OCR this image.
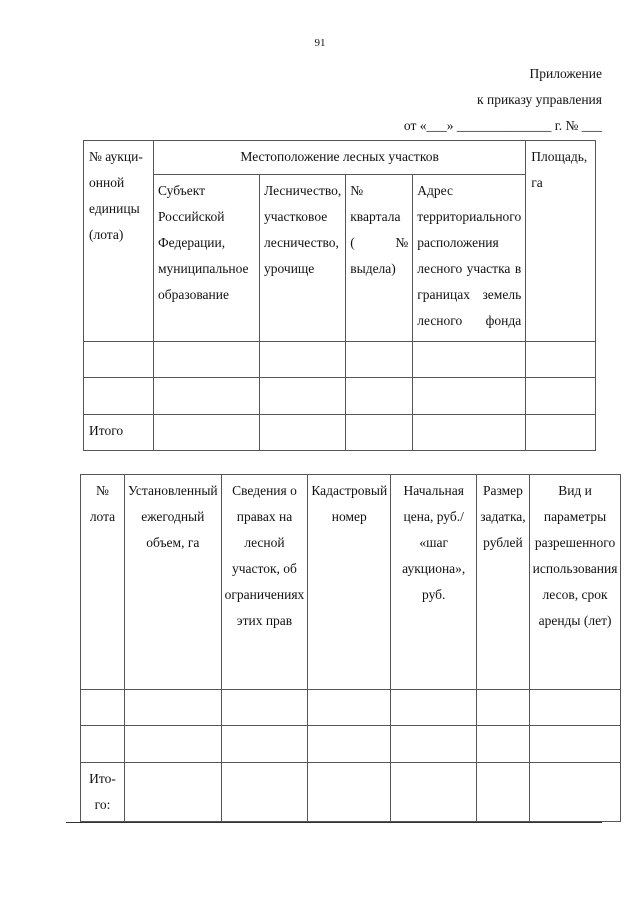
91
Приложение
к приказу управления
от «___» ______________ г. № ___
№ аукци-онной единицы (лота)	Местоположение лесных участков				Площадь, га
	Субъект Российской Федерации, муниципальное образование	Лесничество, участковое лесничество, урочище	№ квартала (№ выдела)	Адрес территориального расположения лесного участка в границах земель лесного фонда	

Итого					
№ лота	Установленный ежегодный объем, га	Сведения о правах на лесной участок, об ограничениях этих прав	Кадастровый номер	Начальная цена, руб./ «шаг аукциона», руб.	Размер задатка, рублей	Вид и параметры разрешенного использования лесов, срок аренды (лет)

Ито-го:						
